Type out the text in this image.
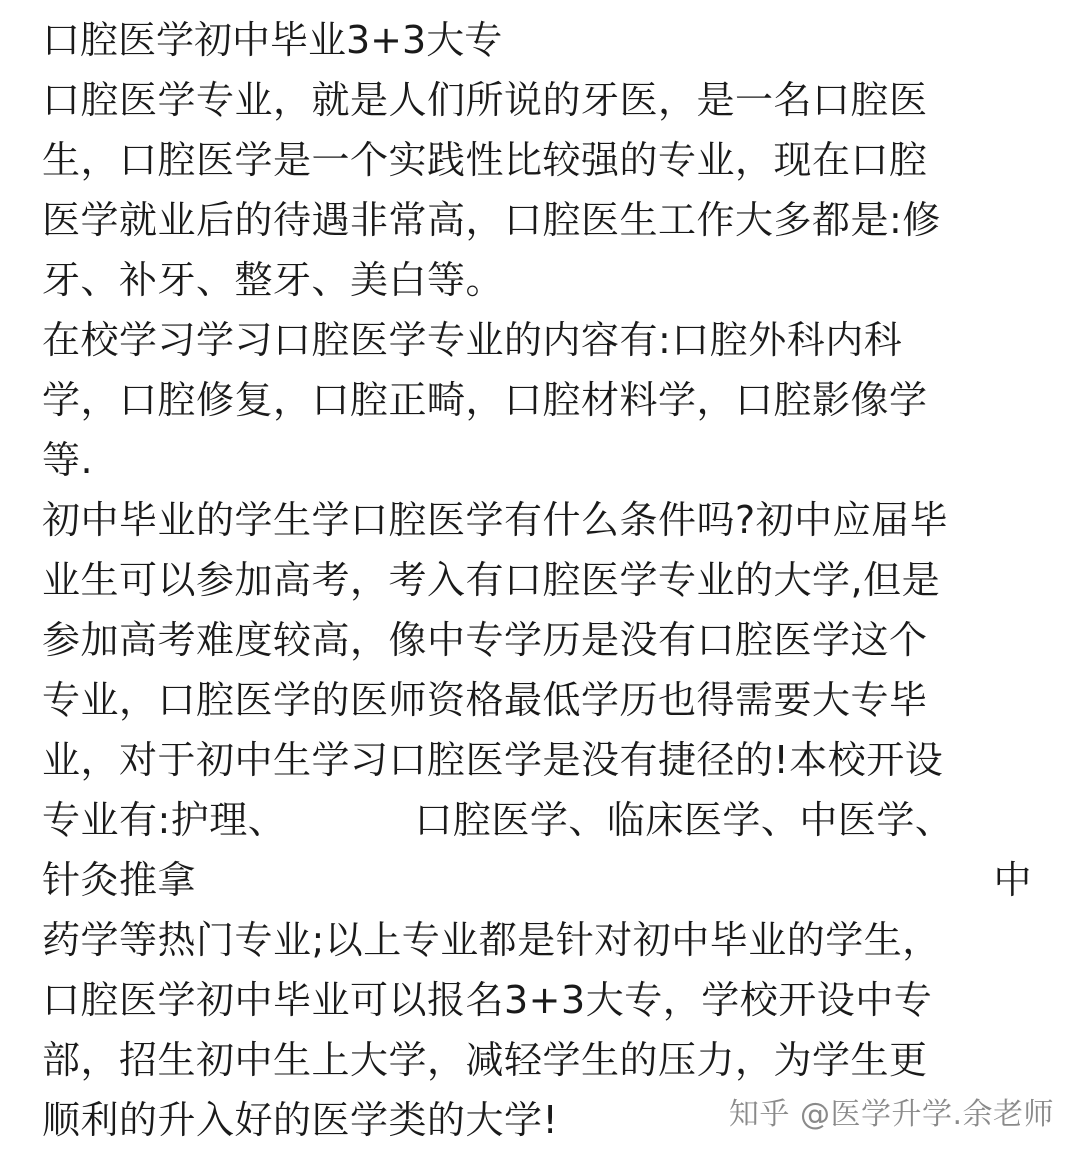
口腔医学初中毕业3+3大专
口腔医学专业，就是人们所说的牙医，是一名口腔医
生，口腔医学是一个实践性比较强的专业，现在口腔
医学就业后的待遇非常高，口腔医生工作大多都是:修
牙、补牙、整牙、美白等。
在校学习学习口腔医学专业的内容有:口腔外科内科
学，口腔修复，口腔正畸，口腔材料学，口腔影像学
等.
初中毕业的学生学口腔医学有什么条件吗?初中应届毕
业生可以参加高考，考入有口腔医学专业的大学,但是
参加高考难度较高，像中专学历是没有口腔医学这个
专业，口腔医学的医师资格最低学历也得需要大专毕
业，对于初中生学习口腔医学是没有捷径的!本校开设
专业有:护理、	口腔医学、临床医学、中医学、
针灸推拿	中
药学等热门专业;以上专业都是针对初中毕业的学生，
口腔医学初中毕业可以报名3+3大专，学校开设中专
部，招生初中生上大学，减轻学生的压力，为学生更
顺利的升入好的医学类的大学!	知乎 @医学升学.余老师
